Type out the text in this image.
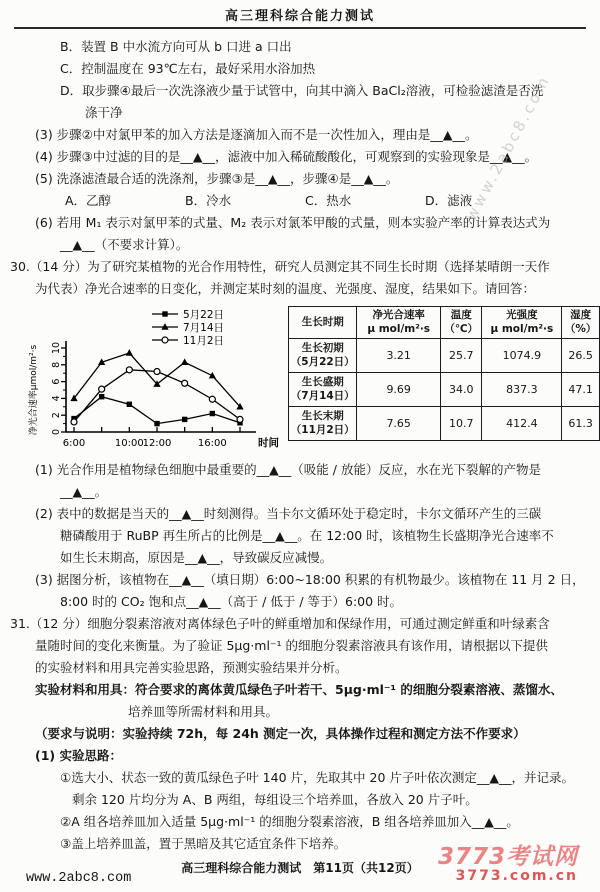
高三理科综合能力测试
www.2abc8.com
B．装置 B 中水流方向可从 b 口进 a 口出
C．控制温度在 93℃左右，最好采用水浴加热
D．取步骤④最后一次洗涤液少量于试管中，向其中滴入 BaCl₂溶液，可检验滤渣是否洗
涤干净
(3) 步骤②中对氯甲苯的加入方法是逐滴加入而不是一次性加入，理由是__▲__。
(4) 步骤③中过滤的目的是__▲__，滤液中加入稀硫酸酸化，可观察到的实验现象是__▲__。
(5) 洗涤滤渣最合适的洗涤剂，步骤③是__▲__，步骤④是__▲__。
A．乙醇	B．冷水	C．热水	D．滤液
(6) 若用 M₁ 表示对氯甲苯的式量、M₂ 表示对氯苯甲酸的式量，则本实验产率的计算表达式为
__▲__（不要求计算）。
30.（14 分）为了研究某植物的光合作用特性，研究人员测定其不同生长时期（选择某晴朗一天作
为代表）净光合速率的日变化，并测定某时刻的温度、光强度、湿度，结果如下。请回答：
0
2
4
6
8
10
6:00	10:00
12:00	16:00	时间
净光合速率μmol/m²·s
5月22日
7月14日
11月2日
生长时期

净光合速率
μ mol/m²·s

温度
（℃）

光强度
μ mol/m²·s

湿度
（%）

生长初期
（5月22日）	3.21	25.7	1074.9	26.5

生长盛期
（7月14日）	9.69	34.0	837.3	47.1

生长末期
（11月2日）	7.65	10.7	412.4	61.3
(1) 光合作用是植物绿色细胞中最重要的__▲__（吸能 / 放能）反应，水在光下裂解的产物是
__▲__。
(2) 表中的数据是当天的__▲__时刻测得。当卡尔文循环处于稳定时，卡尔文循环产生的三碳
糖磷酸用于 RuBP 再生所占的比例是__▲__。在 12:00 时，该植物生长盛期净光合速率不
如生长末期高，原因是__▲__，导致碳反应减慢。
(3) 据图分析，该植物在__▲__（填日期）6:00~18:00 积累的有机物最少。该植物在 11 月 2 日，
8:00 时的 CO₂ 饱和点__▲__（高于 / 低于 / 等于）6:00 时。
31.（12 分）细胞分裂素溶液对离体绿色子叶的鲜重增加和保绿作用，可通过测定鲜重和叶绿素含
量随时间的变化来衡量。为了验证 5μg·ml⁻¹ 的细胞分裂素溶液具有该作用，请根据以下提供
的实验材料和用具完善实验思路，预测实验结果并分析。
实验材料和用具：符合要求的离体黄瓜绿色子叶若干、5μg·ml⁻¹ 的细胞分裂素溶液、蒸馏水、
培养皿等所需材料和用具。
（要求与说明：实验持续 72h，每 24h 测定一次，具体操作过程和测定方法不作要求）
(1) 实验思路：
①选大小、状态一致的黄瓜绿色子叶 140 片，先取其中 20 片子叶依次测定__▲__，并记录。
剩余 120 片均分为 A、B 两组，每组设三个培养皿，各放入 20 片子叶。
②A 组各培养皿加入适量 5μg·ml⁻¹ 的细胞分裂素溶液，B 组各培养皿加入__▲__。
③盖上培养皿盖，置于黑暗及其它适宜条件下培养。
www.2abc8.com
高三理科综合能力测试　第11页（共12页） 3773考试网
3773.com.cn
